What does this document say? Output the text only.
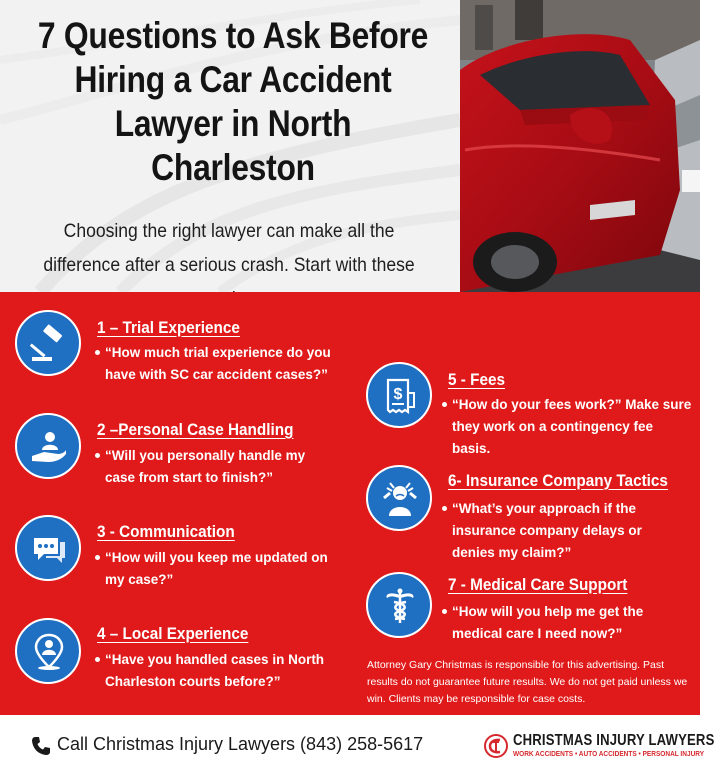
7 Questions to Ask Before Hiring a Car Accident Lawyer in North Charleston

Choosing the right lawyer can make all the difference after a serious crash. Start with these

1 – Trial Experience

“How much trial experience do you have with SC car accident cases?”

2 –Personal Case Handling

“Will you personally handle my case from start to finish?”

3 - Communication

“How will you keep me updated on my case?”

4 – Local Experience

“Have you handled cases in North Charleston courts before?”

$
5 - Fees

“How do your fees work?” Make sure they work on a contingency fee basis.

6- Insurance Company Tactics

“What’s your approach if the insurance company delays or denies my claim?”

7 - Medical Care Support

“How will you help me get the medical care I need now?”

Attorney Gary Christmas is responsible for this advertising. Past results do not guarantee future results. We do not get paid unless we win. Clients may be responsible for case costs.

Call Christmas Injury Lawyers (843) 258-5617	CHRISTMAS INJURY LAWYERS

WORK ACCIDENTS • AUTO ACCIDENTS • PERSONAL INJURY
